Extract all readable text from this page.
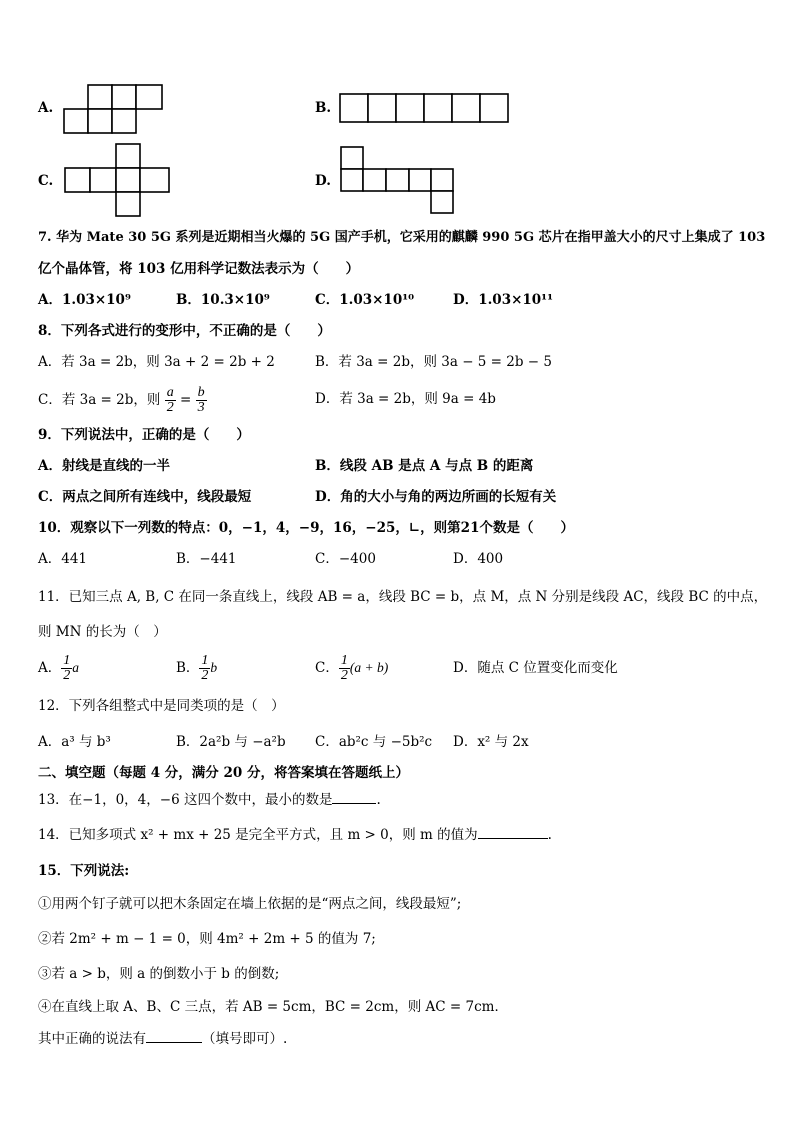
A.	B.
C.	D.
7. 华为 Mate 30 5G 系列是近期相当火爆的 5G 国产手机，它采用的麒麟 990 5G 芯片在指甲盖大小的尺寸上集成了 103
亿个晶体管，将 103 亿用科学记数法表示为（　　）
A．1.03×10⁹	B．10.3×10⁹	C．1.03×10¹⁰	D．1.03×10¹¹
8．下列各式进行的变形中，不正确的是（　　）
A．若 3a = 2b，则 3a + 2 = 2b + 2	B．若 3a = 2b，则 3a − 5 = 2b − 5
C．若 3a = 2b，则 $\frac{a}{2} = \frac{b}{3}$	D．若 3a = 2b，则 9a = 4b
9．下列说法中，正确的是（　　）
A．射线是直线的一半	B．线段 AB 是点 A 与点 B 的距离
C．两点之间所有连线中，线段最短	D．角的大小与角的两边所画的长短有关
10．观察以下一列数的特点：0，−1，4，−9，16，−25，∟，则第21个数是（　　）
A．441	B．−441	C．−400	D．400
11．已知三点 A, B, C 在同一条直线上，线段 AB = a，线段 BC = b，点 M，点 N 分别是线段 AC，线段 BC 的中点，
则 MN 的长为（　）
A． $\frac{1}{2}$ a	B． $\frac{1}{2}$ b	C． $\frac{1}{2} (a + b)$	D．随点 C 位置变化而变化
12．下列各组整式中是同类项的是（　）
A．a³ 与 b³	B．2a²b 与 −a²b C．ab²c 与 −5b²c D．x² 与 2x
二、填空题（每题 4 分，满分 20 分，将答案填在答题纸上）
13．在−1，0，4，−6 这四个数中，最小的数是	.
14．已知多项式 x² + mx + 25 是完全平方式，且 m > 0，则 m 的值为	.
15．下列说法:
①用两个钉子就可以把木条固定在墙上依据的是“两点之间，线段最短”;
②若 2m² + m − 1 = 0，则 4m² + 2m + 5 的值为 7;
③若 a > b，则 a 的倒数小于 b 的倒数;
④在直线上取 A、B、C 三点，若 AB = 5cm，BC = 2cm，则 AC = 7cm．
其中正确的说法有	（填号即可）.
